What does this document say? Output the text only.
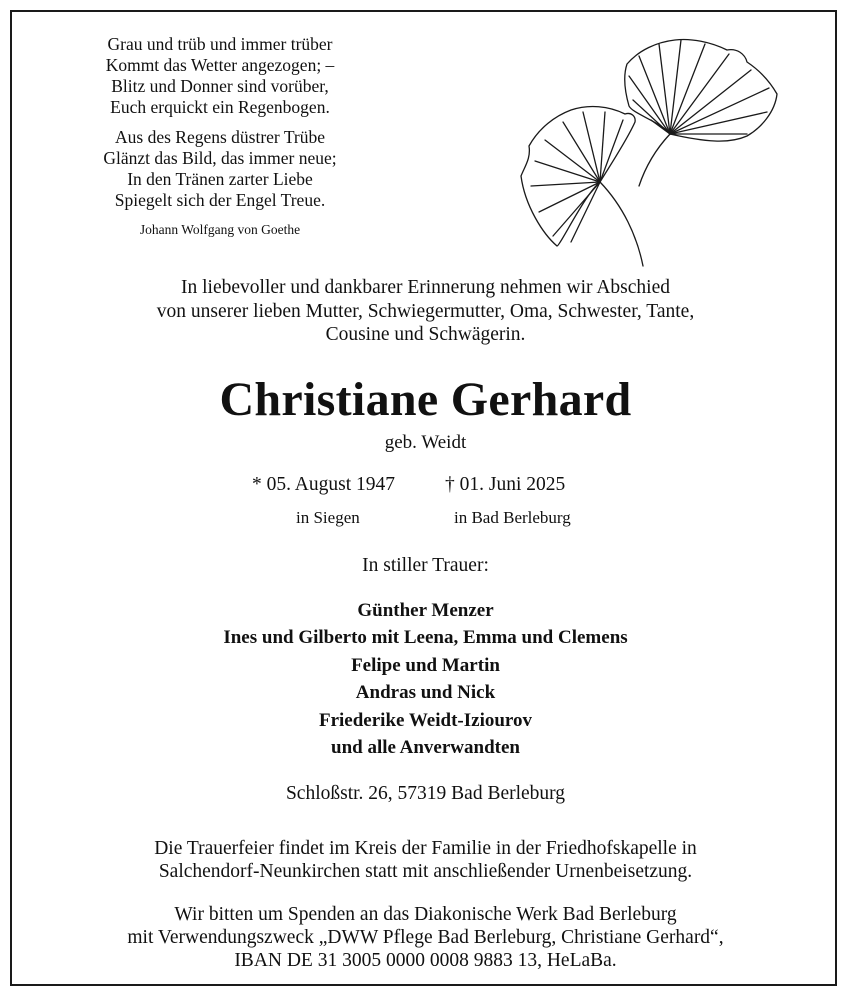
Grau und trüb und immer trüber
Kommt das Wetter angezogen; –
Blitz und Donner sind vorüber,
Euch erquickt ein Regenbogen.
Aus des Regens düstrer Trübe
Glänzt das Bild, das immer neue;
In den Tränen zarter Liebe
Spiegelt sich der Engel Treue.
Johann Wolfgang von Goethe
In liebevoller und dankbarer Erinnerung nehmen wir Abschied
von unserer lieben Mutter, Schwiegermutter, Oma, Schwester, Tante,
Cousine und Schwägerin.
Christiane Gerhard
geb. Weidt
* 05. August 1947	† 01. Juni 2025
in Siegen	in Bad Berleburg
In stiller Trauer:
Günther Menzer
Ines und Gilberto mit Leena, Emma und Clemens
Felipe und Martin
Andras und Nick
Friederike Weidt-Iziourov
und alle Anverwandten
Schloßstr. 26, 57319 Bad Berleburg
Die Trauerfeier findet im Kreis der Familie in der Friedhofskapelle in
Salchendorf-Neunkirchen statt mit anschließender Urnenbeisetzung.
Wir bitten um Spenden an das Diakonische Werk Bad Berleburg
mit Verwendungszweck „DWW Pflege Bad Berleburg, Christiane Gerhard“,
IBAN DE 31 3005 0000 0008 9883 13, HeLaBa.
